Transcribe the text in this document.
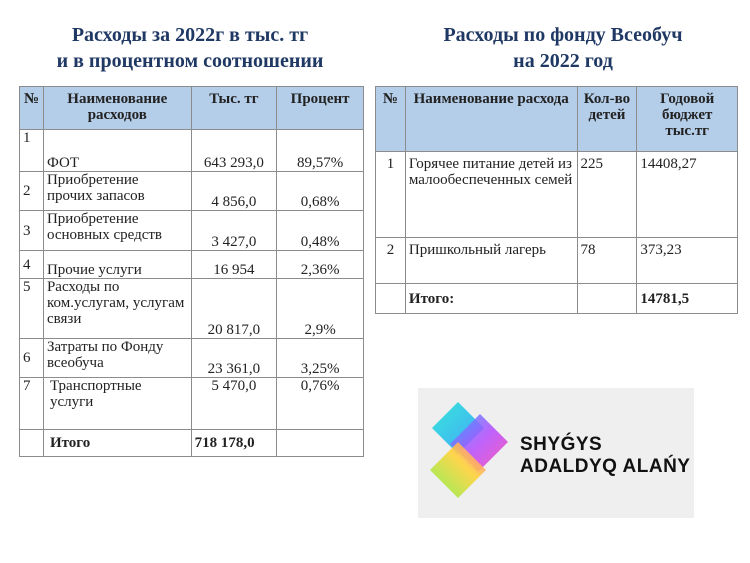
Расходы за 2022г в тыс. тг
и в процентном соотношении
Расходы по фонду Всеобуч
на 2022 год
№	Наименование расходов	Тыс. тг	Процент
1	ФОТ	643 293,0	89,57%
2	Приобретение прочих запасов	4 856,0	0,68%
3	Приобретение основных средств	3 427,0	0,48%
4	Прочие услуги	16 954	2,36%
5	Расходы по ком.услугам, услугам связи	20 817,0	2,9%
6	Затраты по Фонду всеобуча	23 361,0	3,25%
7	Транспортные услуги	5 470,0	0,76%
	Итого	718 178,0	
№	Наименование расхода	Кол-во детей	Годовой бюджет тыс.тг
1	Горячее питание детей из малообеспеченных семей	225	14408,27
2	Пришкольный лагерь	78	373,23
	Итого:		14781,5
SHYǴYS
ADALDYQ ALAŃY
